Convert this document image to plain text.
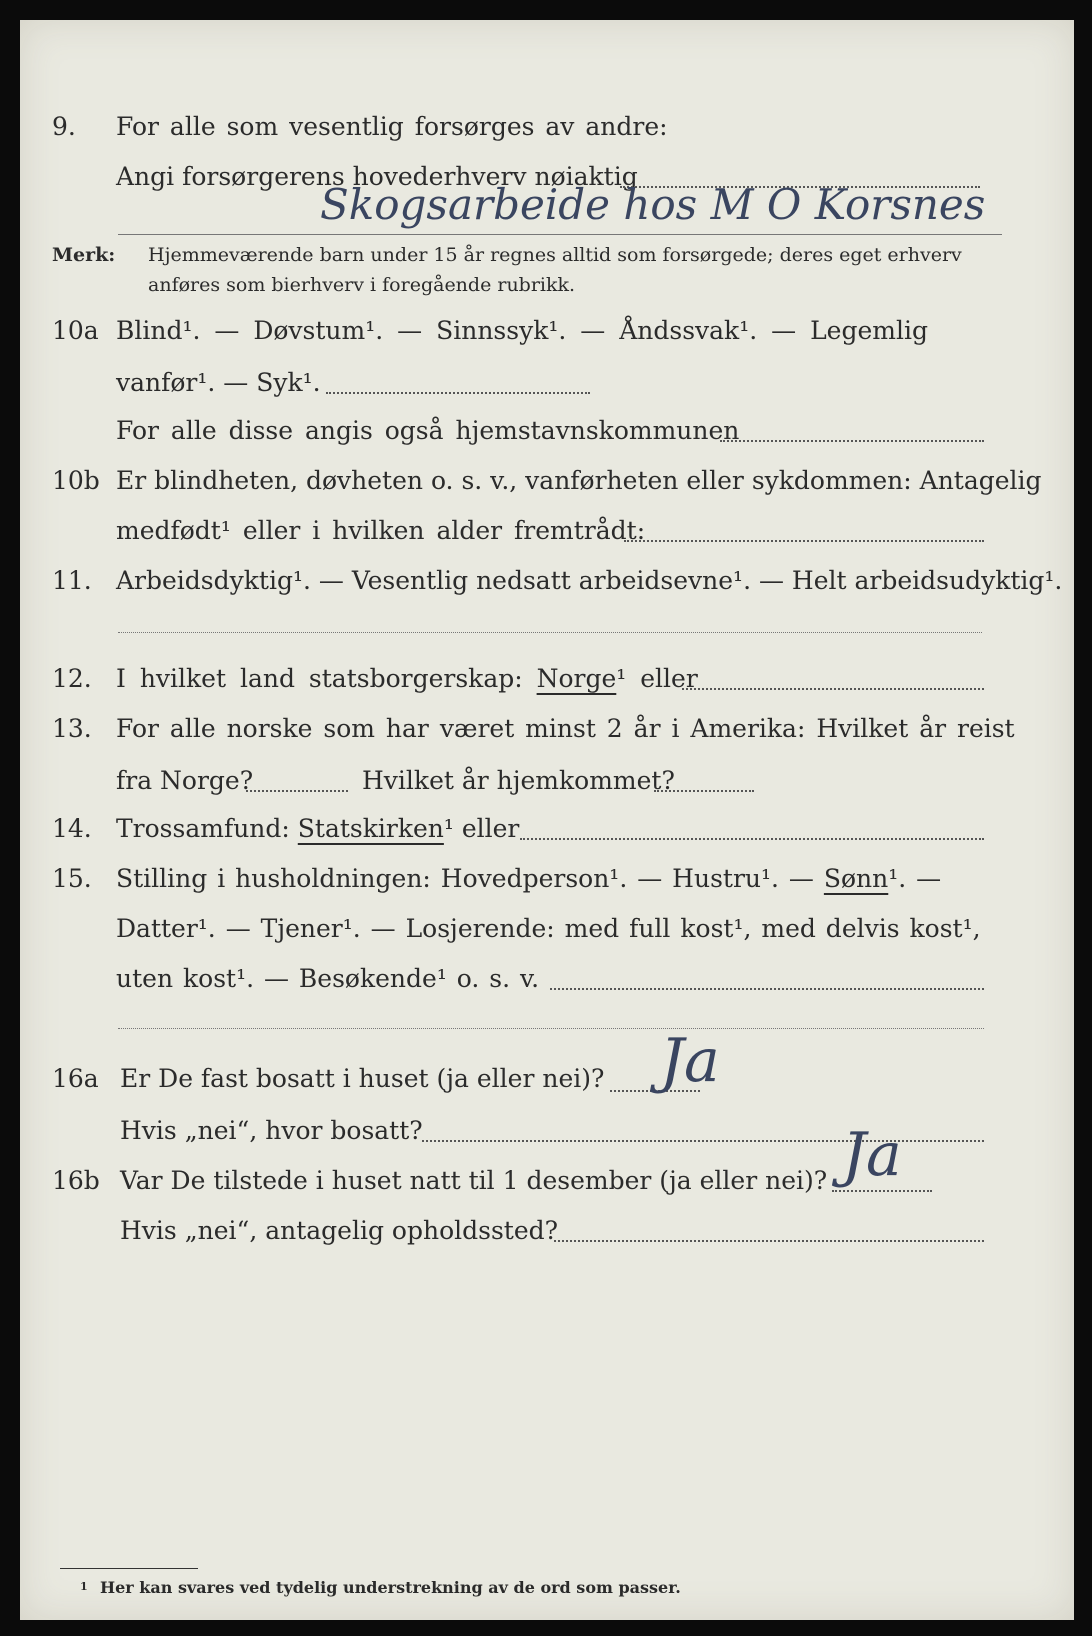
9. For alle som vesentlig forsørges av andre:
Angi forsørgerens hovederhverv nøiaktig
Skogsarbeide hos M O Korsnes
Merk: Hjemmeværende barn under 15 år regnes alltid som forsørgede; deres eget erhverv
anføres som bierhverv i foregående rubrikk.
10a Blind¹. — Døvstum¹. — Sinnssyk¹. — Åndssvak¹. — Legemlig
vanfør¹. — Syk¹.
For alle disse angis også hjemstavnskommunen
10b Er blindheten, døvheten o. s. v., vanførheten eller sykdommen: Antagelig
medfødt¹ eller i hvilken alder fremtrådt:
11. Arbeidsdyktig¹. — Vesentlig nedsatt arbeidsevne¹. — Helt arbeidsudyktig¹.
12. I hvilket land statsborgerskap: Norge¹ eller
13. For alle norske som har været minst 2 år i Amerika: Hvilket år reist
fra Norge?	Hvilket år hjemkommet?
14. Trossamfund: Statskirken¹ eller
15. Stilling i husholdningen: Hovedperson¹. — Hustru¹. — Sønn¹. —
Datter¹. — Tjener¹. — Losjerende: med full kost¹, med delvis kost¹,
uten kost¹. — Besøkende¹ o. s. v.
16a Er De fast bosatt i huset (ja eller nei)? Ja
Hvis „nei“, hvor bosatt?
16b Var De tilstede i huset natt til 1 desember (ja eller nei)? Ja
Hvis „nei“, antagelig opholdssted?
1 Her kan svares ved tydelig understrekning av de ord som passer.
